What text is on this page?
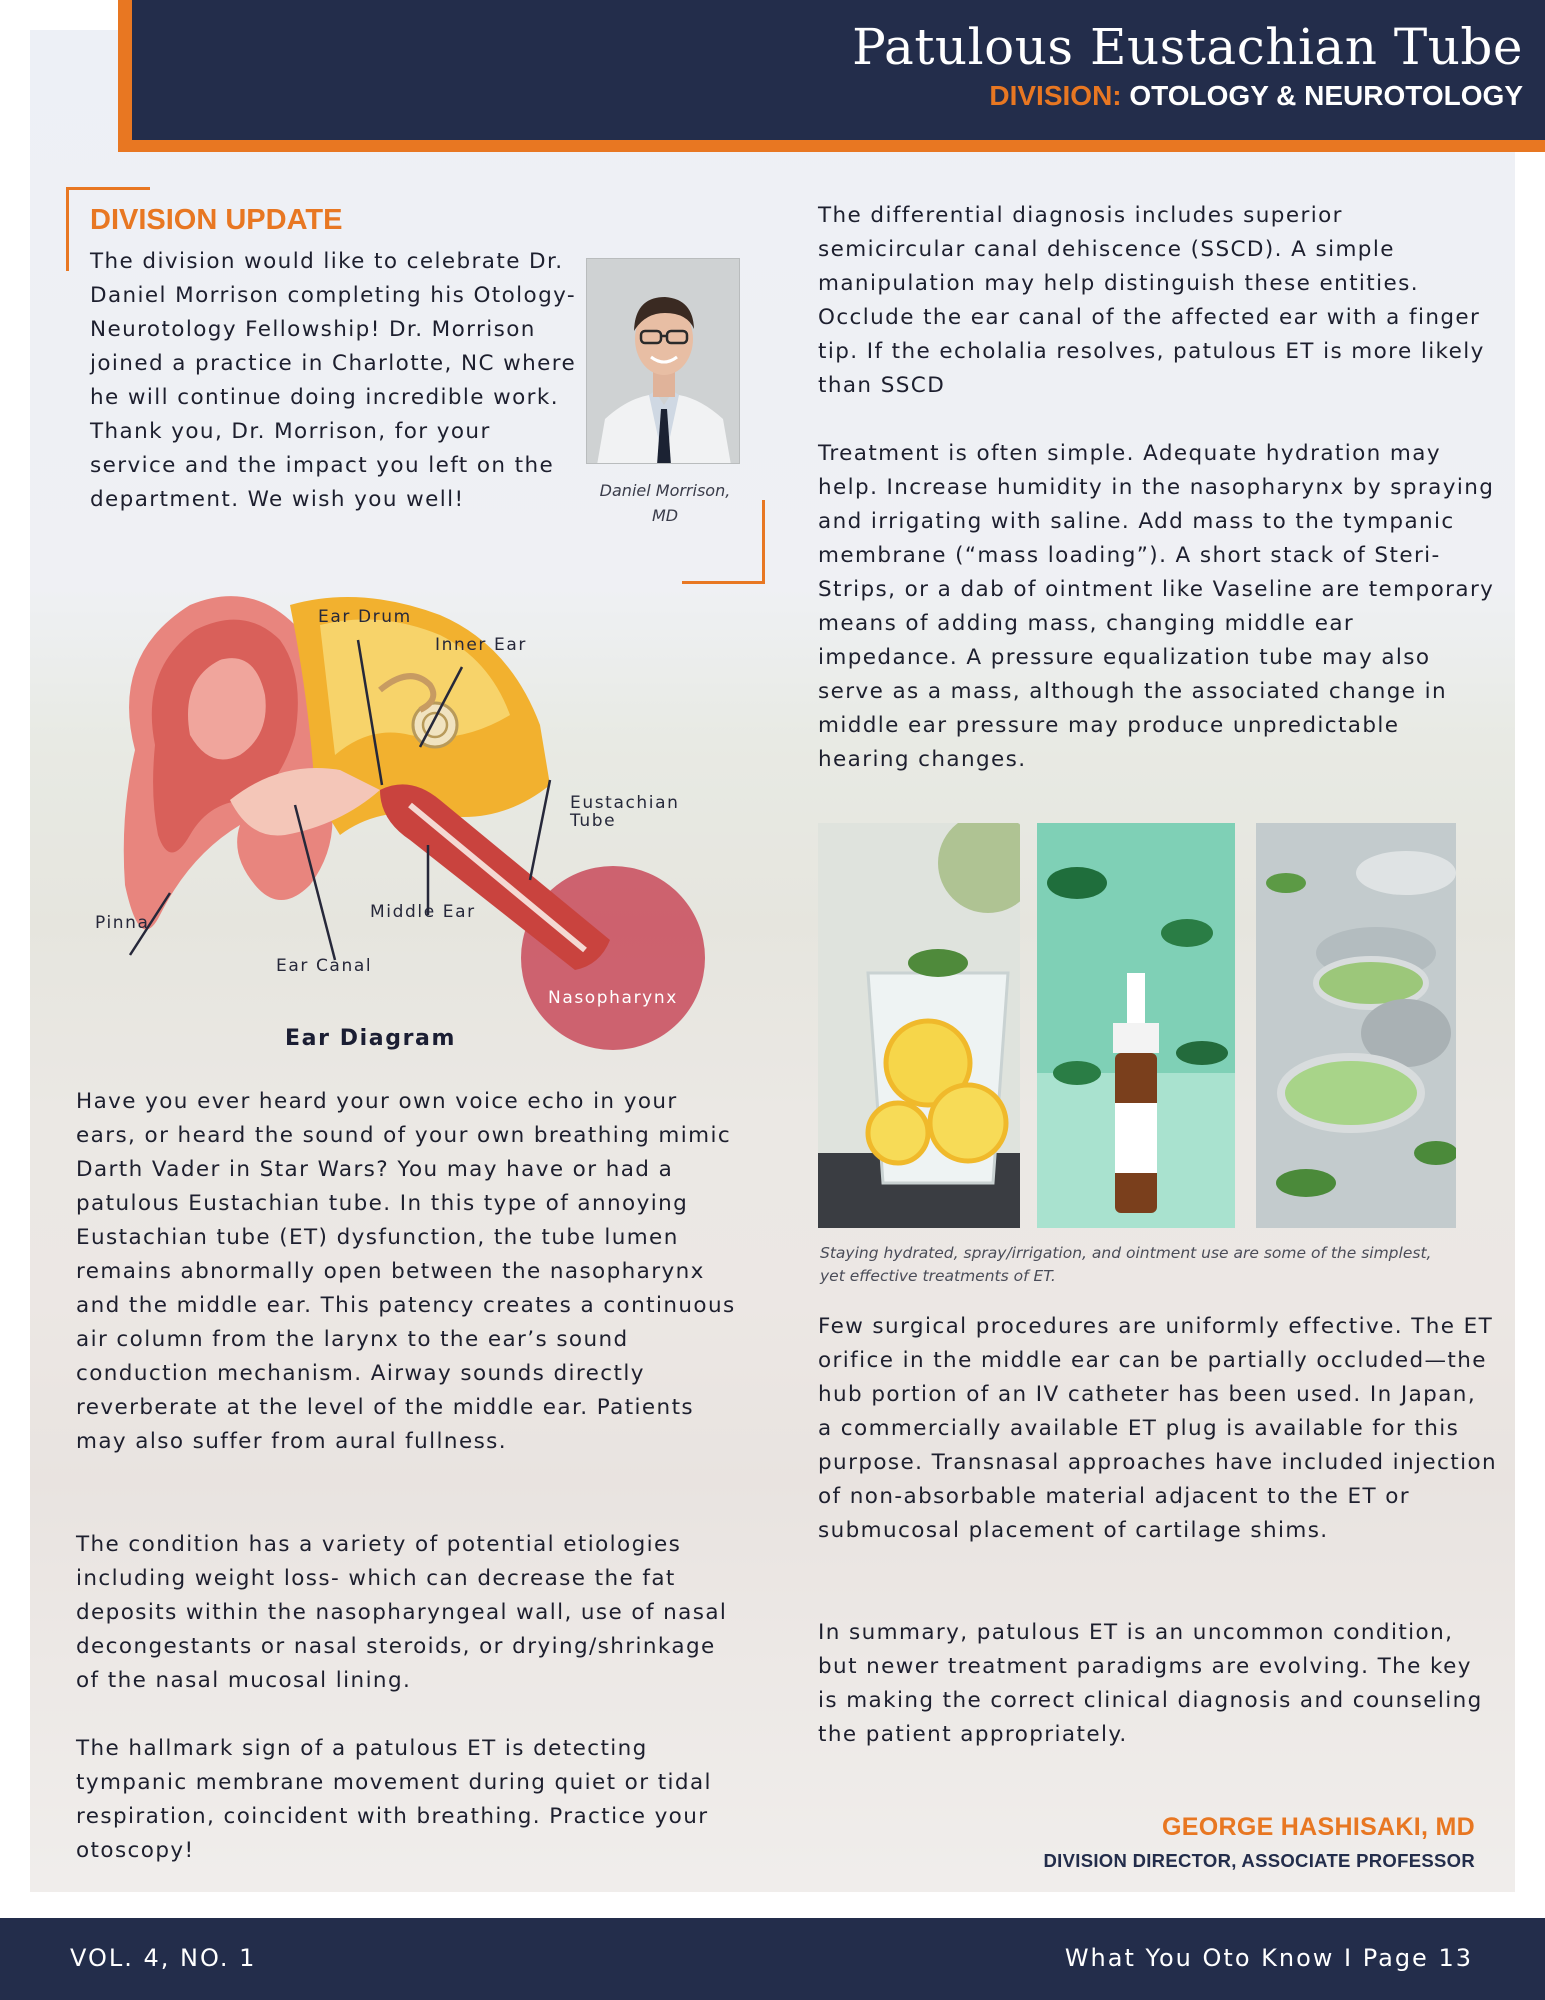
Patulous Eustachian Tube
DIVISION: OTOLOGY & NEUROTOLOGY
DIVISION UPDATE
The division would like to celebrate Dr. Daniel Morrison completing his Otology-Neurotology Fellowship! Dr. Morrison joined a practice in Charlotte, NC where he will continue doing incredible work. Thank you, Dr. Morrison, for your service and the impact you left on the department. We wish you well!	Daniel Morrison, MD
Ear Drum
Inner Ear
Eustachian
Tube
Pinna
Middle Ear
Ear Canal
Nasopharynx
Ear Diagram
Have you ever heard your own voice echo in your ears, or heard the sound of your own breathing mimic Darth Vader in Star Wars? You may have or had a patulous Eustachian tube. In this type of annoying Eustachian tube (ET) dysfunction, the tube lumen remains abnormally open between the nasopharynx and the middle ear. This patency creates a continuous air column from the larynx to the ear’s sound conduction mechanism. Airway sounds directly reverberate at the level of the middle ear. Patients may also suffer from aural fullness.
The condition has a variety of potential etiologies including weight loss- which can decrease the fat deposits within the nasopharyngeal wall, use of nasal decongestants or nasal steroids, or drying/shrinkage of the nasal mucosal lining.
The hallmark sign of a patulous ET is detecting tympanic membrane movement during quiet or tidal respiration, coincident with breathing. Practice your otoscopy!
The differential diagnosis includes superior semicircular canal dehiscence (SSCD). A simple manipulation may help distinguish these entities. Occlude the ear canal of the affected ear with a finger tip. If the echolalia resolves, patulous ET is more likely than SSCD
Treatment is often simple. Adequate hydration may help. Increase humidity in the nasopharynx by spraying and irrigating with saline. Add mass to the tympanic membrane (“mass loading”). A short stack of Steri-Strips, or a dab of ointment like Vaseline are temporary means of adding mass, changing middle ear impedance. A pressure equalization tube may also serve as a mass, although the associated change in middle ear pressure may produce unpredictable hearing changes.
Staying hydrated, spray/irrigation, and ointment use are some of the simplest, yet effective treatments of ET.
Few surgical procedures are uniformly effective. The ET orifice in the middle ear can be partially occluded—the hub portion of an IV catheter has been used. In Japan, a commercially available ET plug is available for this purpose. Transnasal approaches have included injection of non-absorbable material adjacent to the ET or submucosal placement of cartilage shims.
In summary, patulous ET is an uncommon condition, but newer treatment paradigms are evolving. The key is making the correct clinical diagnosis and counseling the patient appropriately.
GEORGE HASHISAKI, MD
DIVISION DIRECTOR, ASSOCIATE PROFESSOR
VOL. 4, NO. 1	What You Oto Know I Page 13
